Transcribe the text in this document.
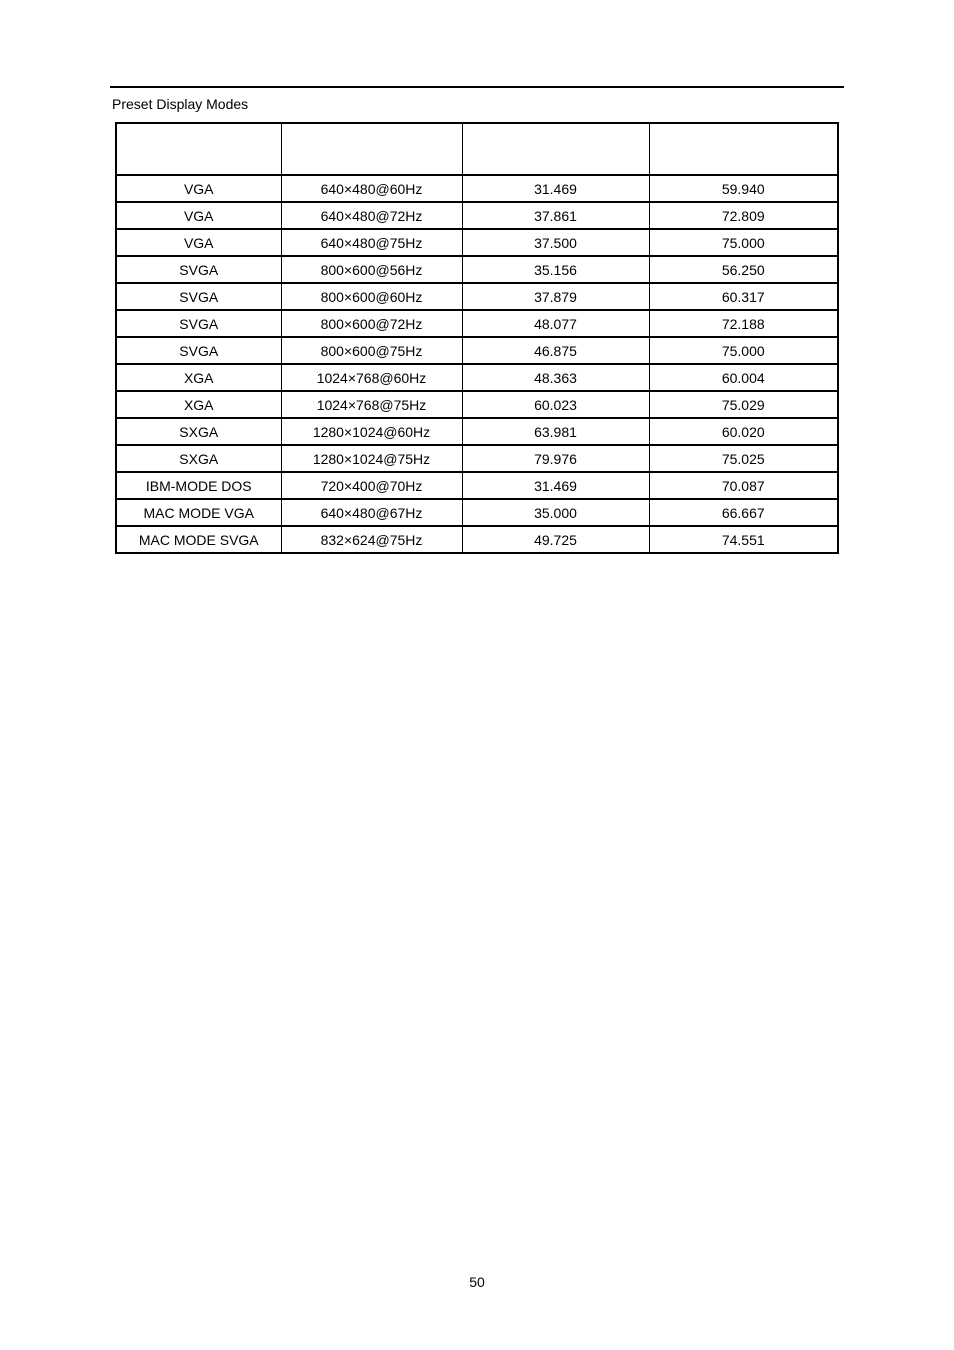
Preset Display Modes

VGA	640×480@60Hz	31.469	59.940
VGA	640×480@72Hz	37.861	72.809
VGA	640×480@75Hz	37.500	75.000
SVGA	800×600@56Hz	35.156	56.250
SVGA	800×600@60Hz	37.879	60.317
SVGA	800×600@72Hz	48.077	72.188
SVGA	800×600@75Hz	46.875	75.000
XGA	1024×768@60Hz	48.363	60.004
XGA	1024×768@75Hz	60.023	75.029
SXGA	1280×1024@60Hz	63.981	60.020
SXGA	1280×1024@75Hz	79.976	75.025
IBM-MODE DOS	720×400@70Hz	31.469	70.087
MAC MODE VGA	640×480@67Hz	35.000	66.667
MAC MODE SVGA	832×624@75Hz	49.725	74.551
50
